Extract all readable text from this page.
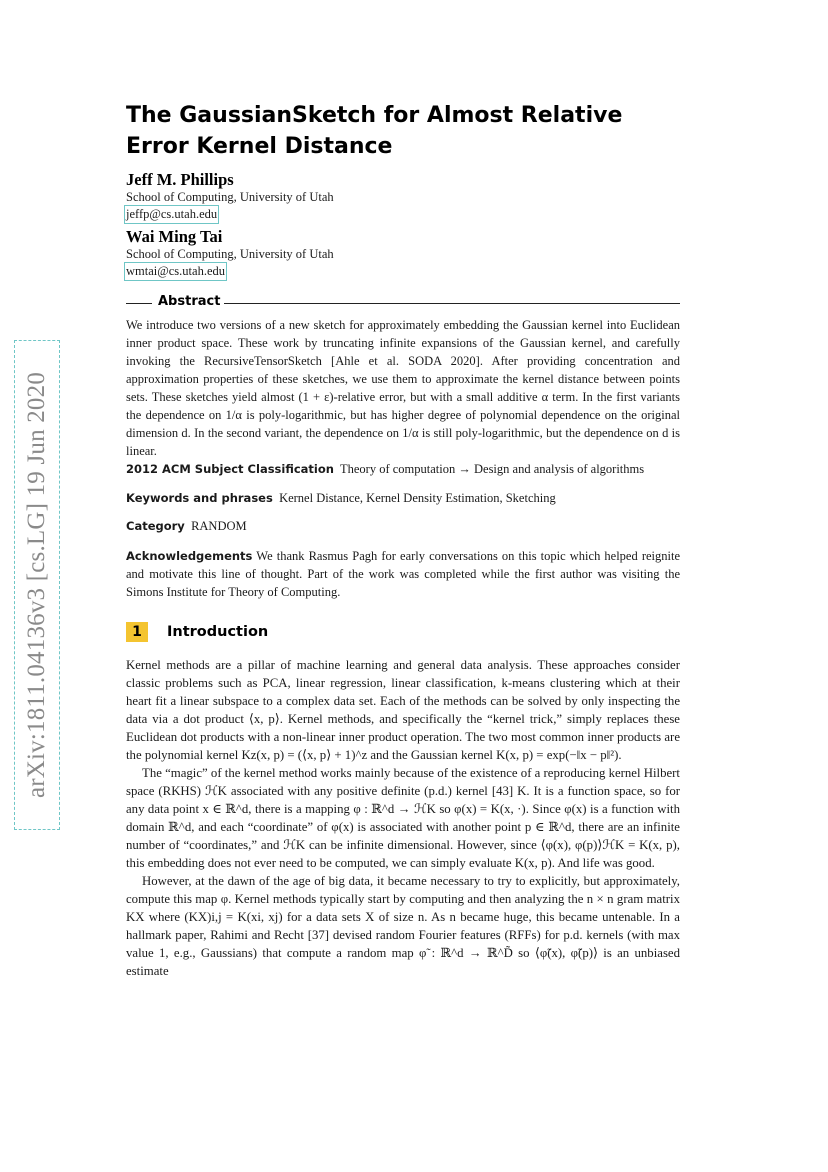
arXiv:1811.04136v3 [cs.LG] 19 Jun 2020
The GaussianSketch for Almost Relative Error Kernel Distance
Jeff M. Phillips
School of Computing, University of Utah
jeffp@cs.utah.edu
Wai Ming Tai
School of Computing, University of Utah
wmtai@cs.utah.edu
Abstract
We introduce two versions of a new sketch for approximately embedding the Gaussian kernel into Euclidean inner product space. These work by truncating infinite expansions of the Gaussian kernel, and carefully invoking the RecursiveTensorSketch [Ahle et al. SODA 2020]. After providing concentration and approximation properties of these sketches, we use them to approximate the kernel distance between points sets. These sketches yield almost (1 + ε)-relative error, but with a small additive α term. In the first variants the dependence on 1/α is poly-logarithmic, but has higher degree of polynomial dependence on the original dimension d. In the second variant, the dependence on 1/α is still poly-logarithmic, but the dependence on d is linear.
2012 ACM Subject Classification Theory of computation → Design and analysis of algorithms
Keywords and phrases Kernel Distance, Kernel Density Estimation, Sketching
Category RANDOM
Acknowledgements We thank Rasmus Pagh for early conversations on this topic which helped reignite and motivate this line of thought. Part of the work was completed while the first author was visiting the Simons Institute for Theory of Computing.
1	Introduction

Kernel methods are a pillar of machine learning and general data analysis. These approaches consider classic problems such as PCA, linear regression, linear classification, k-means clustering which at their heart fit a linear subspace to a complex data set. Each of the methods can be solved by only inspecting the data via a dot product ⟨x, p⟩. Kernel methods, and specifically the “kernel trick,” simply replaces these Euclidean dot products with a non-linear inner product operation. The two most common inner products are the polynomial kernel Kz(x, p) = (⟨x, p⟩ + 1)^z and the Gaussian kernel K(x, p) = exp(−‖x − p‖²).

The “magic” of the kernel method works mainly because of the existence of a reproducing kernel Hilbert space (RKHS) ℋK associated with any positive definite (p.d.) kernel [43] K. It is a function space, so for any data point x ∈ ℝ^d, there is a mapping φ : ℝ^d → ℋK so φ(x) = K(x, ·). Since φ(x) is a function with domain ℝ^d, and each “coordinate” of φ(x) is associated with another point p ∈ ℝ^d, there are an infinite number of “coordinates,” and ℋK can be infinite dimensional. However, since ⟨φ(x), φ(p)⟩ℋK = K(x, p), this embedding does not ever need to be computed, we can simply evaluate K(x, p). And life was good.

However, at the dawn of the age of big data, it became necessary to try to explicitly, but approximately, compute this map φ. Kernel methods typically start by computing and then analyzing the n × n gram matrix KX where (KX)i,j = K(xi, xj) for a data sets X of size n. As n became huge, this became untenable. In a hallmark paper, Rahimi and Recht [37] devised random Fourier features (RFFs) for p.d. kernels (with max value 1, e.g., Gaussians) that compute a random map φ̃ : ℝ^d → ℝ^D̃ so ⟨φ̃(x), φ̃(p)⟩ is an unbiased estimate
